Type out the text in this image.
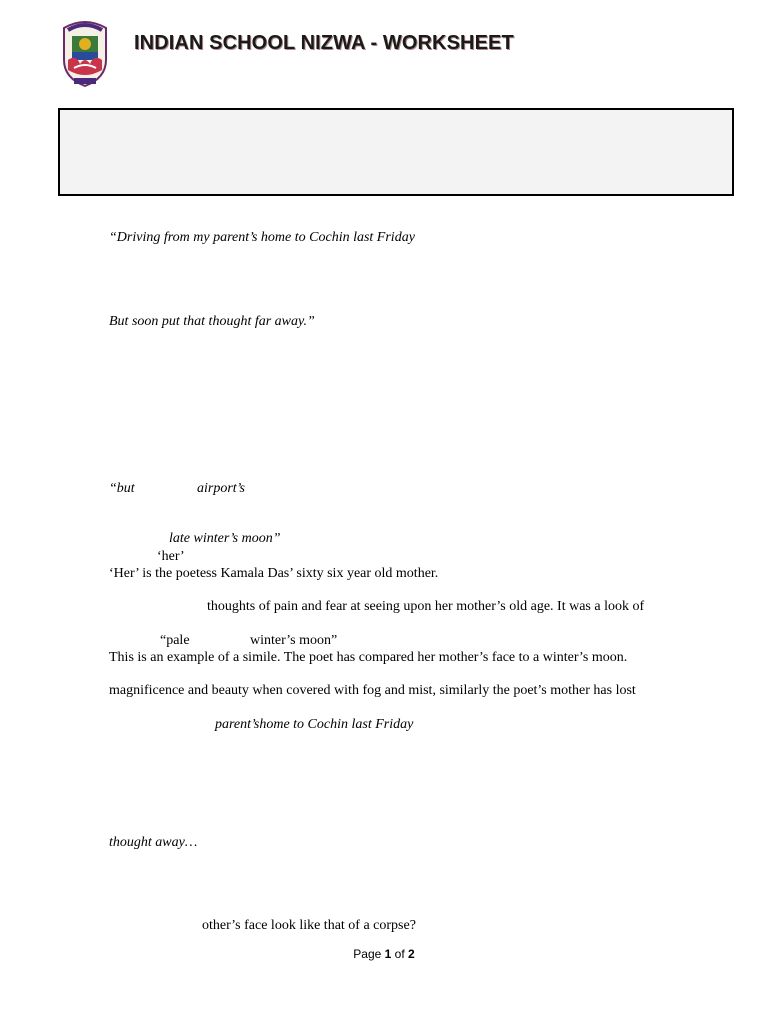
INDIAN SCHOOL NIZWA - WORKSHEET
“Driving from my parent’s home to Cochin last Friday
But soon put that thought far away.”
“but	airport’s
late winter’s moon”
‘her’
‘Her’ is the poetess Kamala Das’ sixty six year old mother.
thoughts of pain and fear at seeing upon her mother’s old age. It was a look of
“pale	winter’s moon”
This is an example of a simile. The poet has compared her mother’s face to a winter’s moon.
magnificence and beauty when covered with fog and mist, similarly the poet’s mother has lost
parent’shome to Cochin last Friday
thought away…
other’s face look like that of a corpse?
Page 1 of 2
